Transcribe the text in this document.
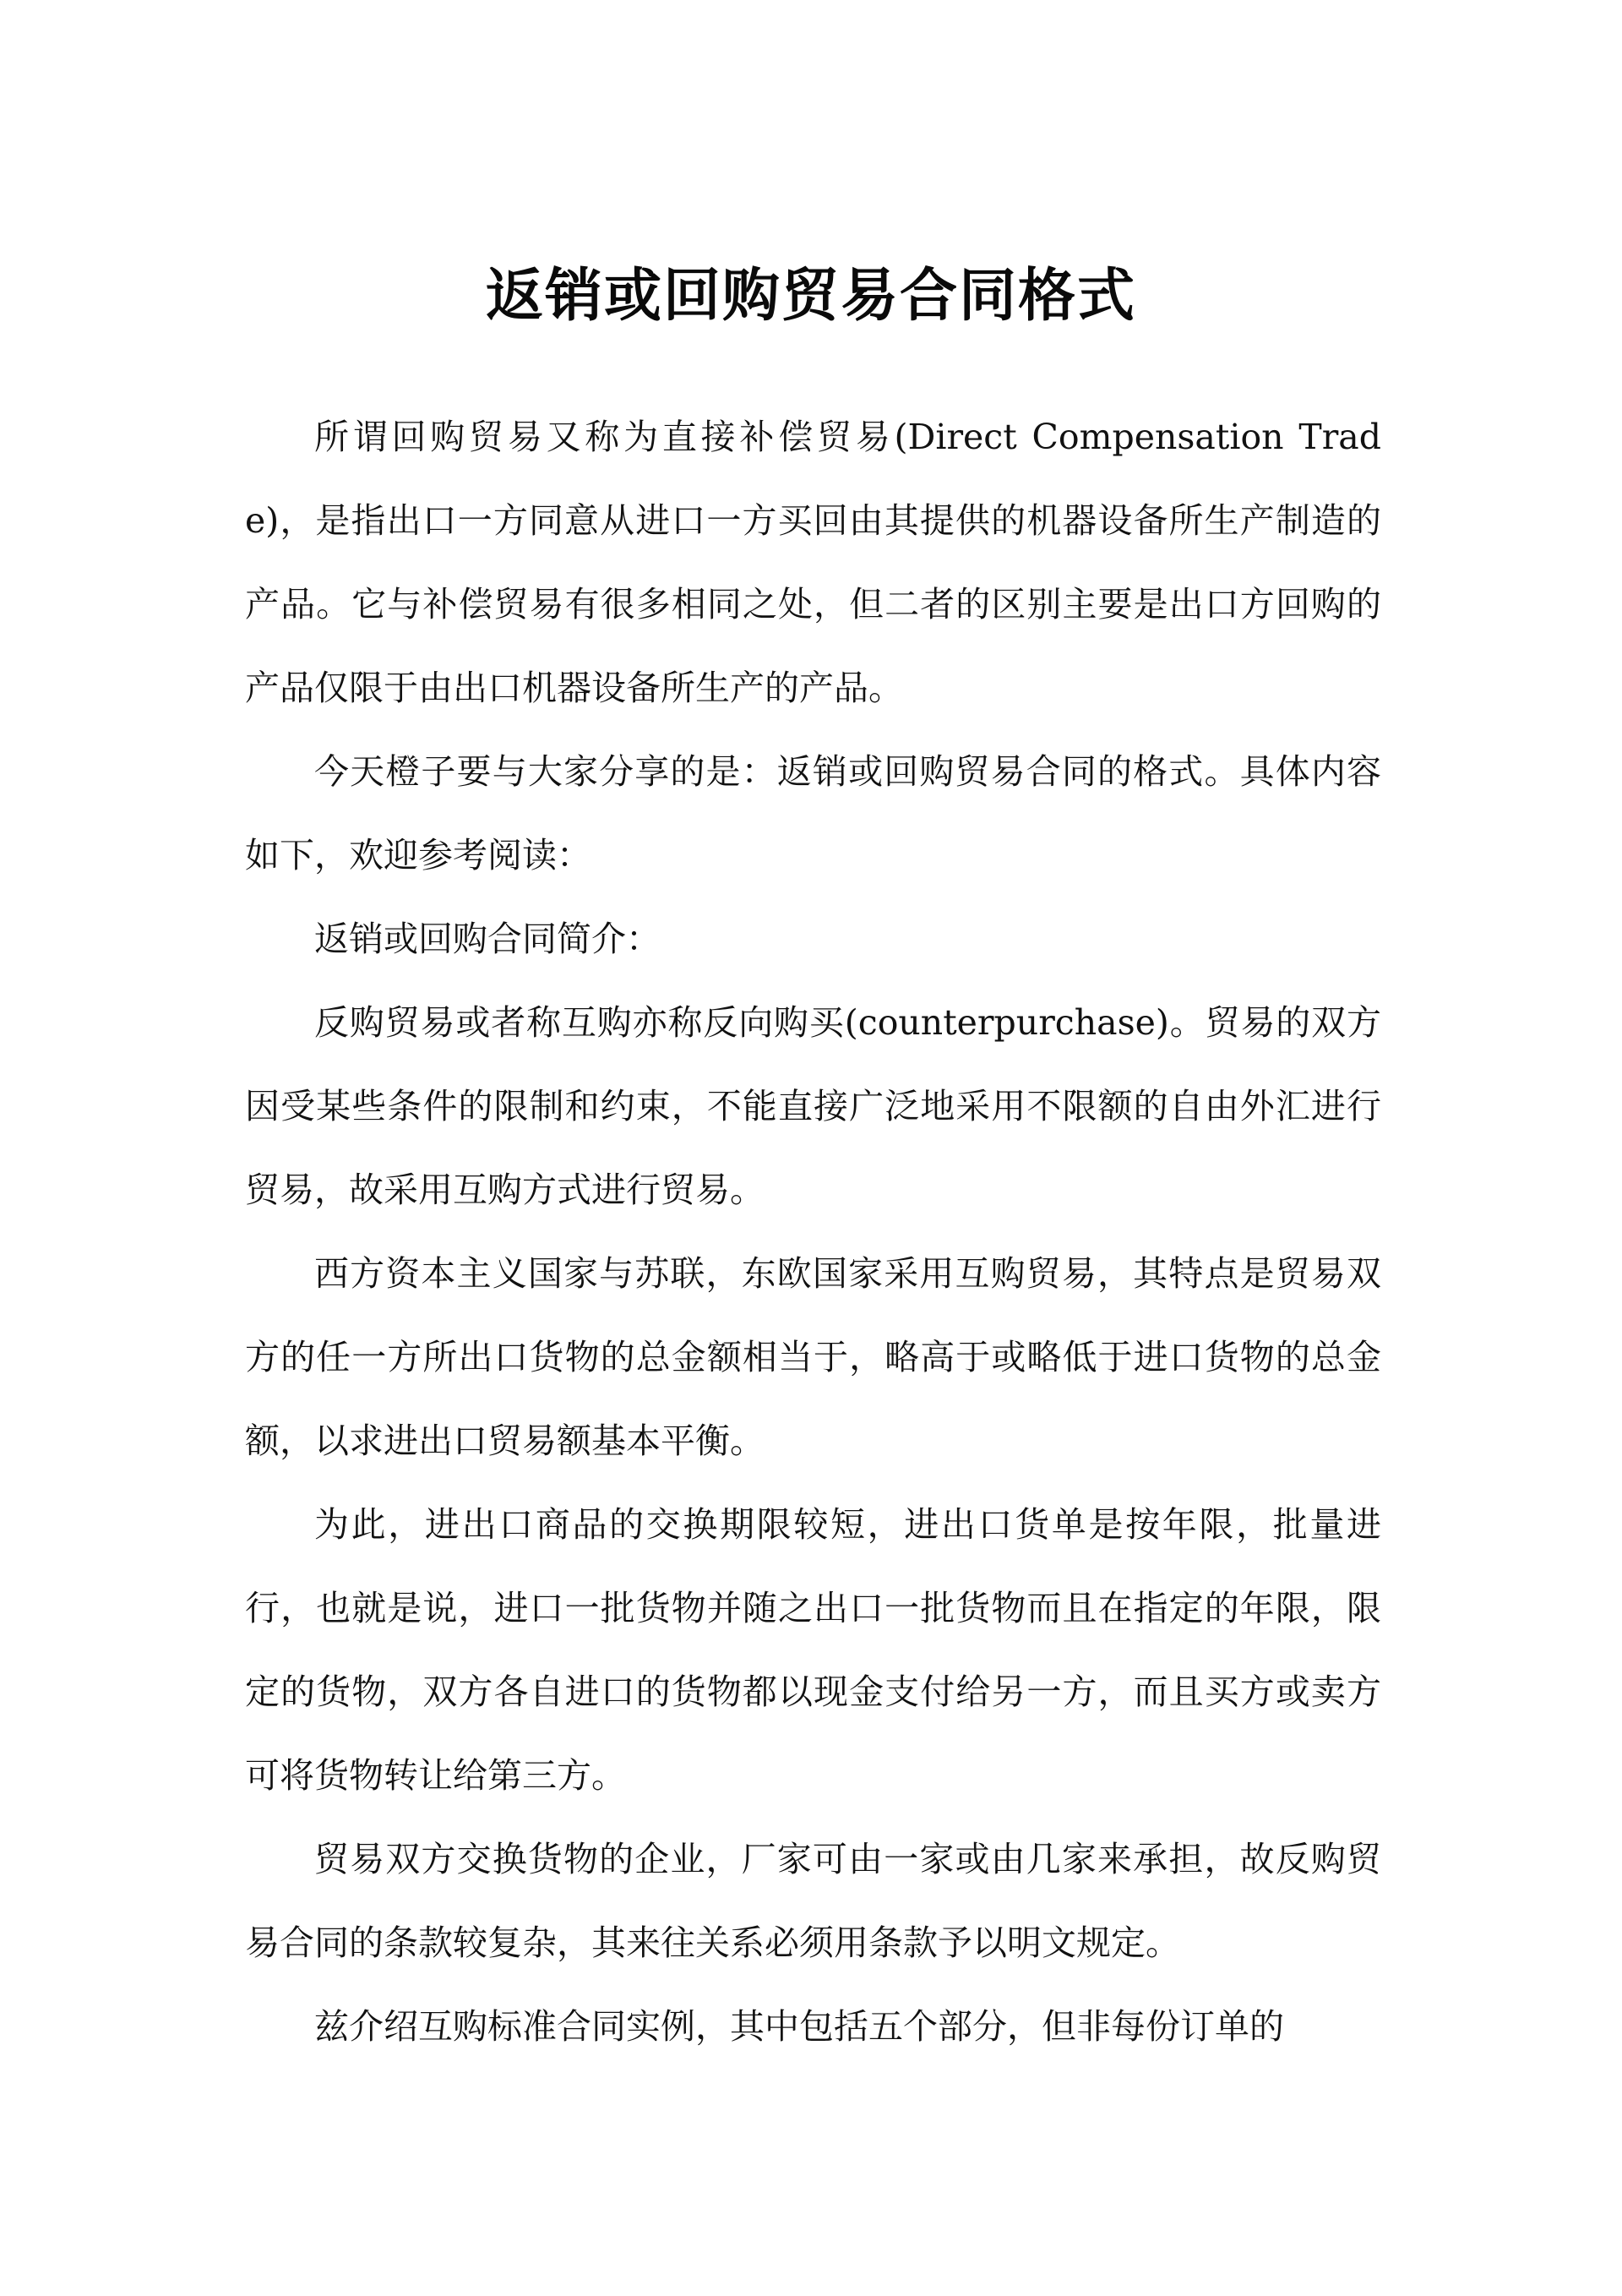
返销或回购贸易合同格式

所谓回购贸易又称为直接补偿贸易(Direct Compensation Trade)，是指出口一方同意从进口一方买回由其提供的机器设备所生产制造的产品。它与补偿贸易有很多相同之处，但二者的区别主要是出口方回购的产品仅限于由出口机器设备所生产的产品。

今天橙子要与大家分享的是：返销或回购贸易合同的格式。具体内容如下，欢迎参考阅读：

返销或回购合同简介：

反购贸易或者称互购亦称反向购买(counterpurchase)。贸易的双方因受某些条件的限制和约束，不能直接广泛地采用不限额的自由外汇进行贸易，故采用互购方式进行贸易。

西方资本主义国家与苏联，东欧国家采用互购贸易，其特点是贸易双方的任一方所出口货物的总金额相当于，略高于或略低于进口货物的总金额，以求进出口贸易额基本平衡。

为此，进出口商品的交换期限较短，进出口货单是按年限，批量进行，也就是说，进口一批货物并随之出口一批货物而且在指定的年限，限定的货物，双方各自进口的货物都以现金支付给另一方，而且买方或卖方可将货物转让给第三方。

贸易双方交换货物的企业，厂家可由一家或由几家来承担，故反购贸易合同的条款较复杂，其来往关系必须用条款予以明文规定。

兹介绍互购标准合同实例，其中包括五个部分，但非每份订单的
